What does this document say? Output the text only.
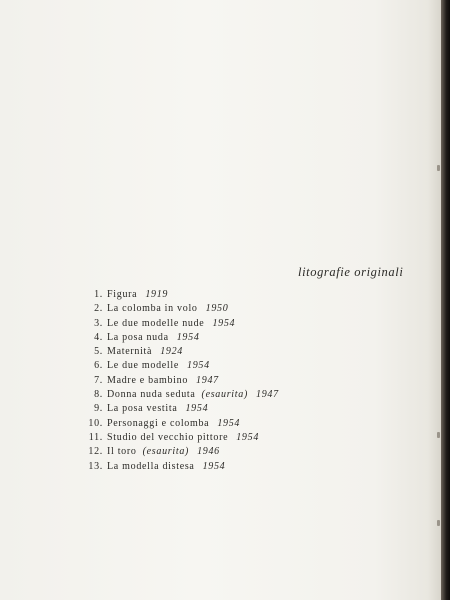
litografie originali
1. Figura 1919
2. La colomba in volo 1950
3. Le due modelle nude 1954
4. La posa nuda 1954
5. Maternità 1924
6. Le due modelle 1954
7. Madre e bambino 1947
8. Donna nuda seduta (esaurita) 1947
9. La posa vestita 1954
10. Personaggi e colomba 1954
11. Studio del vecchio pittore 1954
12. Il toro (esaurita) 1946
13. La modella distesa 1954
